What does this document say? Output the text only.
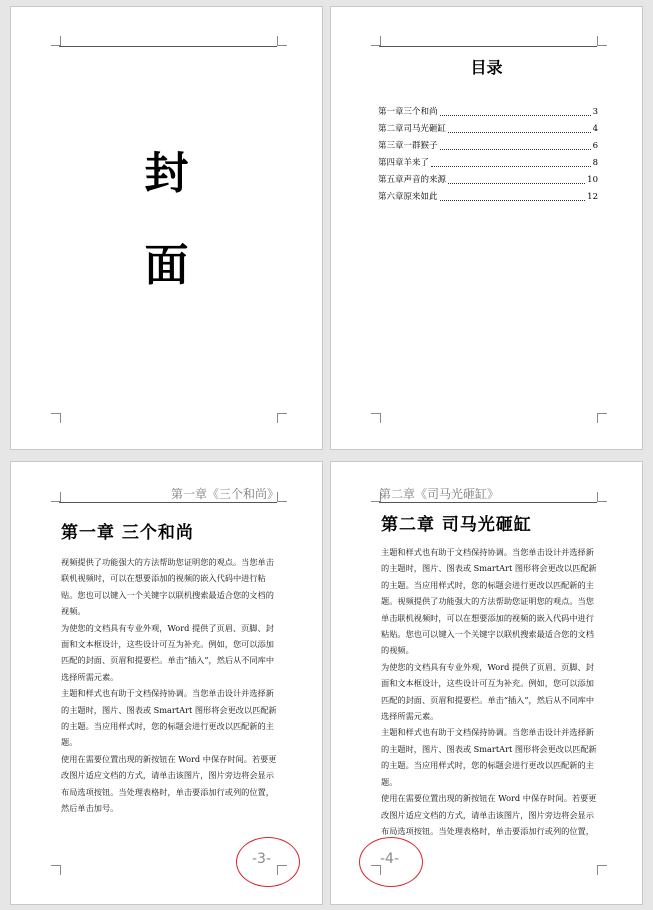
封
面
目录
第一章三个和尚	3
第二章司马光砸缸	4
第三章一群猴子	6
第四章羊来了	8
第五章声音的来源	10
第六章原来如此	12
第一章《三个和尚》
第一章 三个和尚

视频提供了功能强大的方法帮助您证明您的观点。当您单击联机视频时，可以在想要添加的视频的嵌入代码中进行粘贴。您也可以键入一个关键字以联机搜索最适合您的文档的视频。

为使您的文档具有专业外观，Word 提供了页眉、页脚、封面和文本框设计，这些设计可互为补充。例如，您可以添加匹配的封面、页眉和提要栏。单击“插入”，然后从不同库中选择所需元素。

主题和样式也有助于文档保持协调。当您单击设计并选择新的主题时，图片、图表或 SmartArt 图形将会更改以匹配新的主题。当应用样式时，您的标题会进行更改以匹配新的主题。

使用在需要位置出现的新按钮在 Word 中保存时间。若要更改图片适应文档的方式，请单击该图片，图片旁边将会显示布局选项按钮。当处理表格时，单击要添加行或列的位置，然后单击加号。

-3-
第二章《司马光砸缸》
第二章 司马光砸缸

主题和样式也有助于文档保持协调。当您单击设计并选择新的主题时，图片、图表或 SmartArt 图形将会更改以匹配新的主题。当应用样式时，您的标题会进行更改以匹配新的主题。视频提供了功能强大的方法帮助您证明您的观点。当您单击联机视频时，可以在想要添加的视频的嵌入代码中进行粘贴。您也可以键入一个关键字以联机搜索最适合您的文档的视频。

为使您的文档具有专业外观，Word 提供了页眉、页脚、封面和文本框设计，这些设计可互为补充。例如，您可以添加匹配的封面、页眉和提要栏。单击“插入”，然后从不同库中选择所需元素。

主题和样式也有助于文档保持协调。当您单击设计并选择新的主题时，图片、图表或 SmartArt 图形将会更改以匹配新的主题。当应用样式时，您的标题会进行更改以匹配新的主题。

使用在需要位置出现的新按钮在 Word 中保存时间。若要更改图片适应文档的方式，请单击该图片，图片旁边将会显示布局选项按钮。当处理表格时，单击要添加行或列的位置，

-4-
